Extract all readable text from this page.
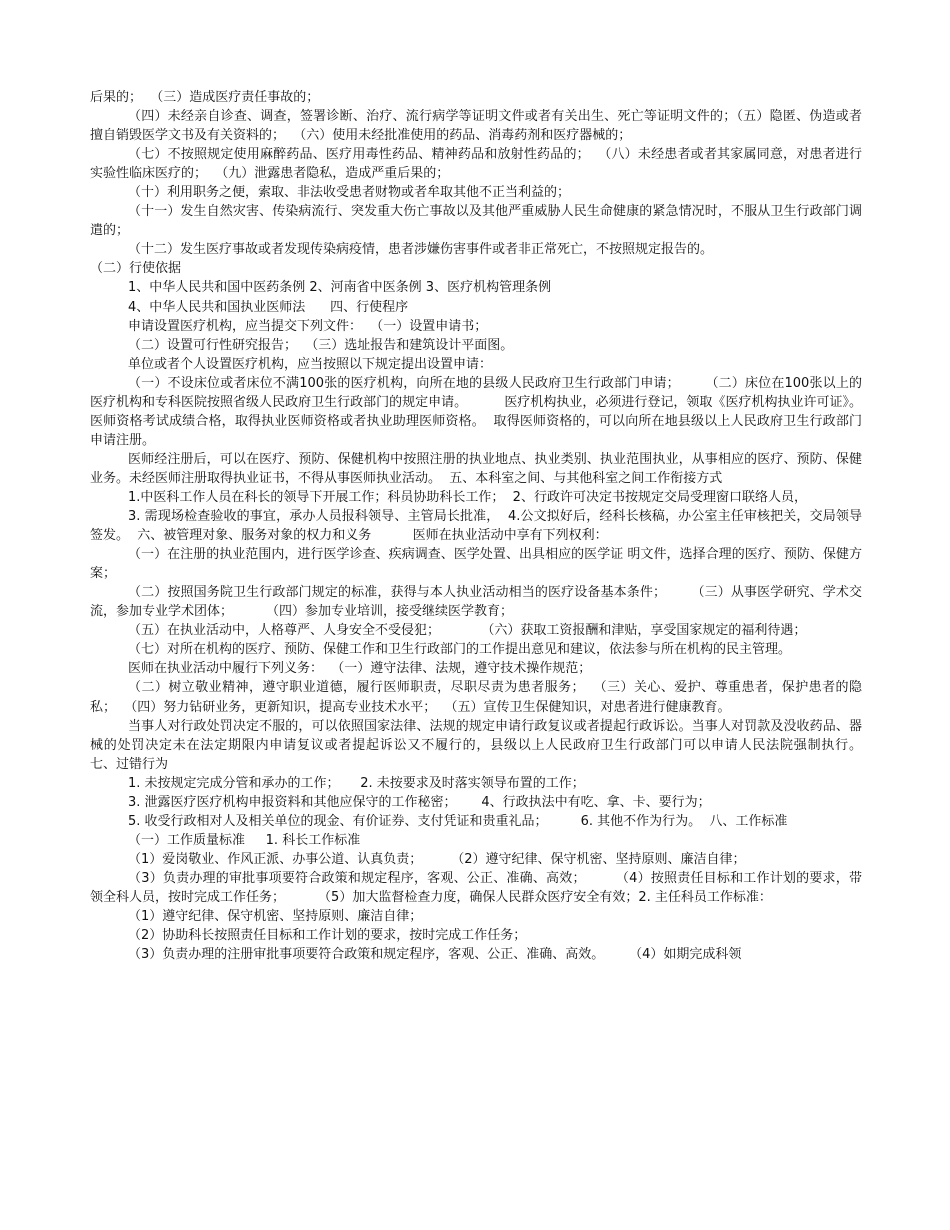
后果的；  （三）造成医疗责任事故的；

（四）未经亲自诊查、调查，签署诊断、治疗、流行病学等证明文件或者有关出生、死亡等证明文件的；（五）隐匿、伪造或者擅自销毁医学文书及有关资料的；  （六）使用未经批准使用的药品、消毒药剂和医疗器械的；

（七）不按照规定使用麻醉药品、医疗用毒性药品、精神药品和放射性药品的；  （八）未经患者或者其家属同意，对患者进行实验性临床医疗的；  （九）泄露患者隐私，造成严重后果的；

（十）利用职务之便，索取、非法收受患者财物或者牟取其他不正当利益的；

（十一）发生自然灾害、传染病流行、突发重大伤亡事故以及其他严重威胁人民生命健康的紧急情况时，不服从卫生行政部门调遣的；

（十二）发生医疗事故或者发现传染病疫情，患者涉嫌伤害事件或者非正常死亡，不按照规定报告的。

（二）行使依据

1、中华人民共和国中医药条例 2、河南省中医条例 3、医疗机构管理条例

4、中华人民共和国执业医师法      四、行使程序

申请设置医疗机构，应当提交下列文件：  （一）设置申请书；

（二）设置可行性研究报告；  （三）选址报告和建筑设计平面图。

单位或者个人设置医疗机构，应当按照以下规定提出设置申请：

（一）不设床位或者床位不满100张的医疗机构，向所在地的县级人民政府卫生行政部门申请；      （二）床位在100张以上的医疗机构和专科医院按照省级人民政府卫生行政部门的规定申请。         医疗机构执业，必须进行登记，领取《医疗机构执业许可证》。  医师资格考试成绩合格，取得执业医师资格或者执业助理医师资格。  取得医师资格的，可以向所在地县级以上人民政府卫生行政部门申请注册。

医师经注册后，可以在医疗、预防、保健机构中按照注册的执业地点、执业类别、执业范围执业，从事相应的医疗、预防、保健业务。未经医师注册取得执业证书，不得从事医师执业活动。  五、本科室之间、与其他科室之间工作衔接方式

1.中医科工作人员在科长的领导下开展工作；科员协助科长工作；  2、行政许可决定书按规定交局受理窗口联络人员，

3. 需现场检查验收的事宜，承办人员报科领导、主管局长批准，  4.公文拟好后，经科长核稿，办公室主任审核把关，交局领导签发。  六、被管理对象、服务对象的权力和义务          医师在执业活动中享有下列权利：

（一）在注册的执业范围内，进行医学诊查、疾病调查、医学处置、出具相应的医学证 明文件，选择合理的医疗、预防、保健方案；

（二）按照国务院卫生行政部门规定的标准，获得与本人执业活动相当的医疗设备基本条件；      （三）从事医学研究、学术交流，参加专业学术团体；        （四）参加专业培训，接受继续医学教育；

（五）在执业活动中，人格尊严、人身安全不受侵犯；          （六）获取工资报酬和津贴，享受国家规定的福利待遇；

（七）对所在机构的医疗、预防、保健工作和卫生行政部门的工作提出意见和建议，依法参与所在机构的民主管理。

医师在执业活动中履行下列义务：  （一）遵守法律、法规，遵守技术操作规范；

（二）树立敬业精神，遵守职业道德，履行医师职责，尽职尽责为患者服务；  （三）关心、爱护、尊重患者，保护患者的隐私；  （四）努力钻研业务，更新知识，提高专业技术水平；  （五）宣传卫生保健知识，对患者进行健康教育。

当事人对行政处罚决定不服的，可以依照国家法律、法规的规定申请行政复议或者提起行政诉讼。当事人对罚款及没收药品、器械的处罚决定未在法定期限内申请复议或者提起诉讼又不履行的，县级以上人民政府卫生行政部门可以申请人民法院强制执行。      七、过错行为

1. 未按规定完成分管和承办的工作；     2. 未按要求及时落实领导布置的工作；

3. 泄露医疗医疗机构申报资料和其他应保守的工作秘密；      4、行政执法中有吃、拿、卡、要行为；

5. 收受行政相对人及相关单位的现金、有价证券、支付凭证和贵重礼品；        6. 其他不作为行为。  八、工作标准

（一）工作质量标准     1. 科长工作标准

（1）爱岗敬业、作风正派、办事公道、认真负责；       （2）遵守纪律、保守机密、坚持原则、廉洁自律；

（3）负责办理的审批事项要符合政策和规定程序，客观、公正、准确、高效；       （4）按照责任目标和工作计划的要求，带领全科人员，按时完成工作任务；        （5）加大监督检查力度，确保人民群众医疗安全有效；2. 主任科员工作标准：

（1）遵守纪律、保守机密、坚持原则、廉洁自律；

（2）协助科长按照责任目标和工作计划的要求，按时完成工作任务；

（3）负责办理的注册审批事项要符合政策和规定程序，客观、公正、准确、高效。      （4）如期完成科领
